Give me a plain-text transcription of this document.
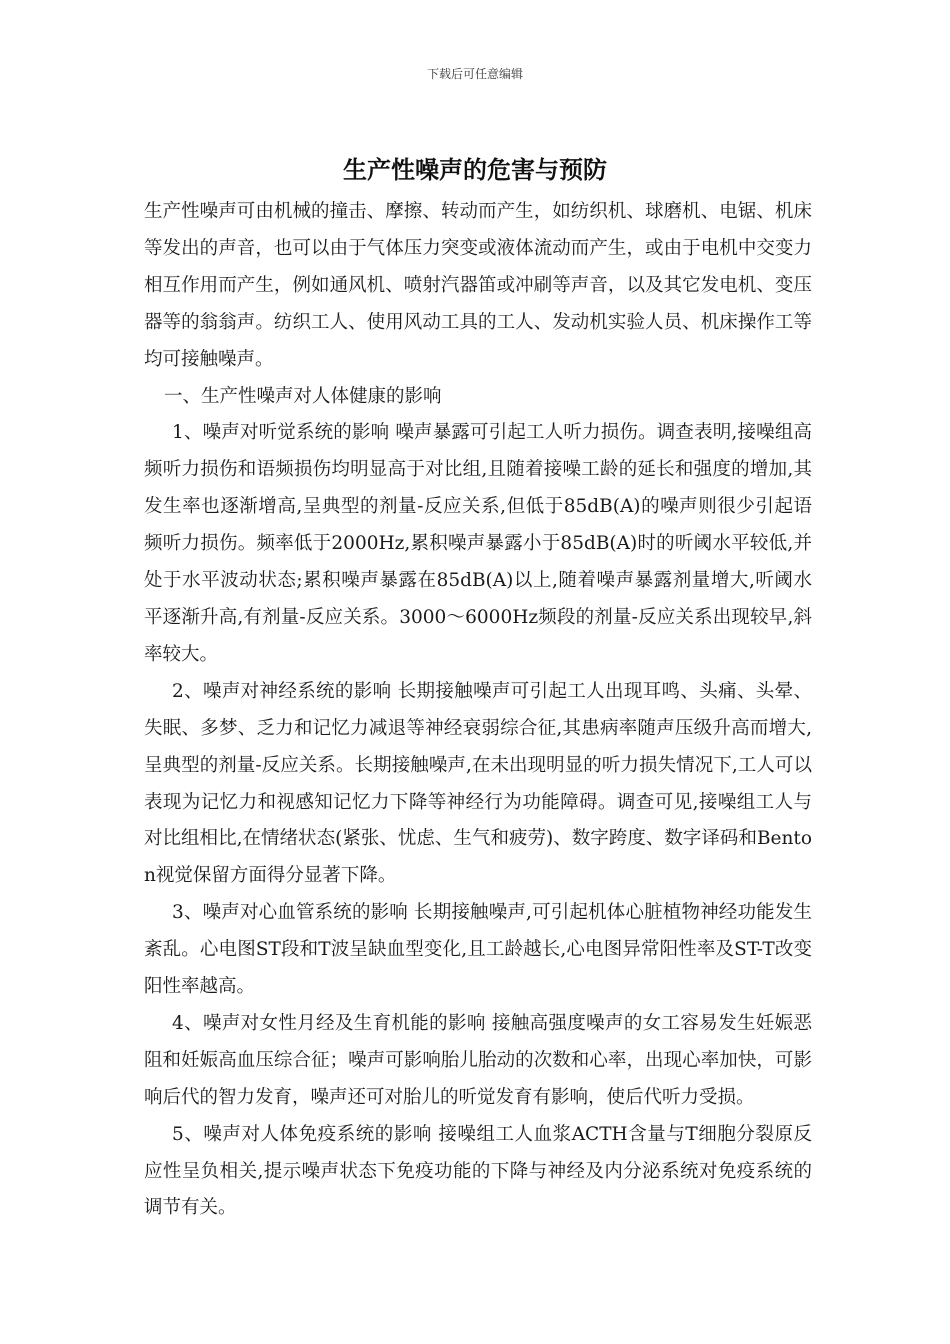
下载后可任意编辑
生产性噪声的危害与预防

生产性噪声可由机械的撞击、摩擦、转动而产生，如纺织机、球磨机、电锯、机床等发出的声音，也可以由于气体压力突变或液体流动而产生，或由于电机中交变力相互作用而产生，例如通风机、喷射汽器笛或冲刷等声音，以及其它发电机、变压器等的翁翁声。纺织工人、使用风动工具的工人、发动机实验人员、机床操作工等均可接触噪声。

一、生产性噪声对人体健康的影响

1、噪声对听觉系统的影响 噪声暴露可引起工人听力损伤。调查表明,接噪组高频听力损伤和语频损伤均明显高于对比组,且随着接噪工龄的延长和强度的增加,其发生率也逐渐增高,呈典型的剂量-反应关系,但低于85dB(A)的噪声则很少引起语频听力损伤。频率低于2000Hz,累积噪声暴露小于85dB(A)时的听阈水平较低,并处于水平波动状态;累积噪声暴露在85dB(A)以上,随着噪声暴露剂量增大,听阈水平逐渐升高,有剂量-反应关系。3000～6000Hz频段的剂量-反应关系出现较早,斜率较大。

2、噪声对神经系统的影响 长期接触噪声可引起工人出现耳鸣、头痛、头晕、失眠、多梦、乏力和记忆力减退等神经衰弱综合征,其患病率随声压级升高而增大,呈典型的剂量-反应关系。长期接触噪声,在未出现明显的听力损失情况下,工人可以表现为记忆力和视感知记忆力下降等神经行为功能障碍。调查可见,接噪组工人与对比组相比,在情绪状态(紧张、忧虑、生气和疲劳)、数字跨度、数字译码和Benton视觉保留方面得分显著下降。

3、噪声对心血管系统的影响 长期接触噪声,可引起机体心脏植物神经功能发生紊乱。心电图ST段和T波呈缺血型变化,且工龄越长,心电图异常阳性率及ST-T改变阳性率越高。

4、噪声对女性月经及生育机能的影响 接触高强度噪声的女工容易发生妊娠恶阻和妊娠高血压综合征；噪声可影响胎儿胎动的次数和心率，出现心率加快，可影响后代的智力发育，噪声还可对胎儿的听觉发育有影响，使后代听力受损。

5、噪声对人体免疫系统的影响 接噪组工人血浆ACTH含量与T细胞分裂原反应性呈负相关,提示噪声状态下免疫功能的下降与神经及内分泌系统对免疫系统的调节有关。
